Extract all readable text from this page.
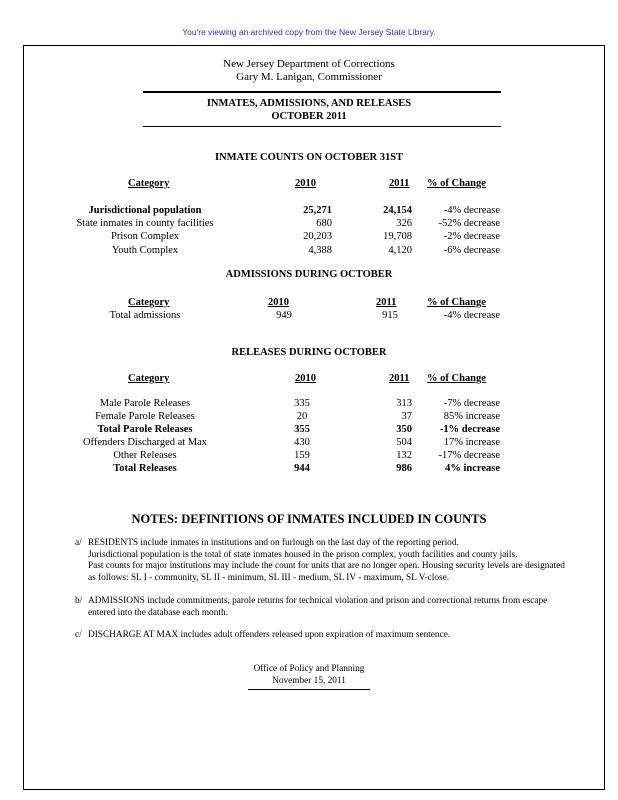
You're viewing an archived copy from the New Jersey State Library.
New Jersey Department of Corrections
Gary M. Lanigan, Commissioner
INMATES, ADMISSIONS, AND RELEASES
OCTOBER 2011
INMATE COUNTS ON OCTOBER 31ST
Category	2010	2011 % of Change
Jurisdictional population	25,271	24,154	-4% decrease
State inmates in county facilities	680	326	-52% decrease
Prison Complex	20,203	19,708	-2% decrease
Youth Complex	4,388	4,120	-6% decrease
ADMISSIONS DURING OCTOBER
Category	2010	2011	% of Change
Total admissions	949	915	-4% decrease
RELEASES DURING OCTOBER
Category	2010	2011 % of Change
Male Parole Releases	335	313	-7% decrease
Female Parole Releases	20	37	85% increase
Total Parole Releases	355	350	-1% decrease
Offenders Discharged at Max	430	504	17% increase
Other Releases	159	132	-17% decrease
Total Releases	944	986	4% increase
NOTES: DEFINITIONS OF INMATES INCLUDED IN COUNTS
a/ RESIDENTS include inmates in institutions and on furlough on the last day of the reporting period.
Jurisdictional population is the total of state inmates housed in the prison complex, youth facilities and county jails.
Past counts for major institutions may include the count for units that are no longer open. Housing security levels are designated
as follows: SL I - community, SL II - minimum, SL III - medium, SL IV - maximum, SL V-close.
b/ ADMISSIONS include commitments, parole returns for technical violation and prison and correctional returns from escape
entered into the database each month.
c/ DISCHARGE AT MAX includes adult offenders released upon expiration of maximum sentence.
Office of Policy and Planning
November 15, 2011
